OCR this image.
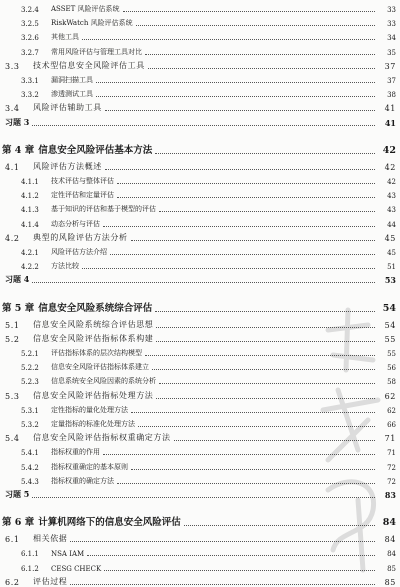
3.2.4	ASSET 风险评估系统	33
3.2.5	RiskWatch 风险评估系统	33
3.2.6	其他工具	34
3.2.7	常用风险评估与管理工具对比	35
3.3	技术型信息安全风险评估工具	37
3.3.1	漏洞扫描工具	37
3.3.2	渗透测试工具	38
3.4	风险评估辅助工具	41
习题 3	41
第 4 章 信息安全风险评估基本方法	42
4.1	风险评估方法概述	42
4.1.1	技术评估与整体评估	42
4.1.2	定性评估和定量评估	43
4.1.3	基于知识的评估和基于模型的评估	43
4.1.4	动态分析与评估	44
4.2	典型的风险评估方法分析	45
4.2.1	风险评估方法介绍	45
4.2.2	方法比较	51
习题 4	53
第 5 章 信息安全风险系统综合评估	54
5.1	信息安全风险系统综合评估思想	54
5.2	信息安全风险评估指标体系构建	55
5.2.1	评估指标体系的层次结构模型	55
5.2.2	信息安全风险评估指标体系建立	56
5.2.3	信息系统安全风险因素的系统分析	58
5.3	信息安全风险评估指标处理方法	62
5.3.1	定性指标的量化处理方法	62
5.3.2	定量指标的标准化处理方法	66
5.4	信息安全风险评估指标权重确定方法	71
5.4.1	指标权重的作用	71
5.4.2	指标权重确定的基本原则	72
5.4.3	指标权重的确定方法	72
习题 5	83
第 6 章 计算机网络下的信息安全风险评估	84
6.1	相关依据	84
6.1.1	NSA IAM	84
6.1.2	CESG CHECK	85
6.2	评估过程	85
